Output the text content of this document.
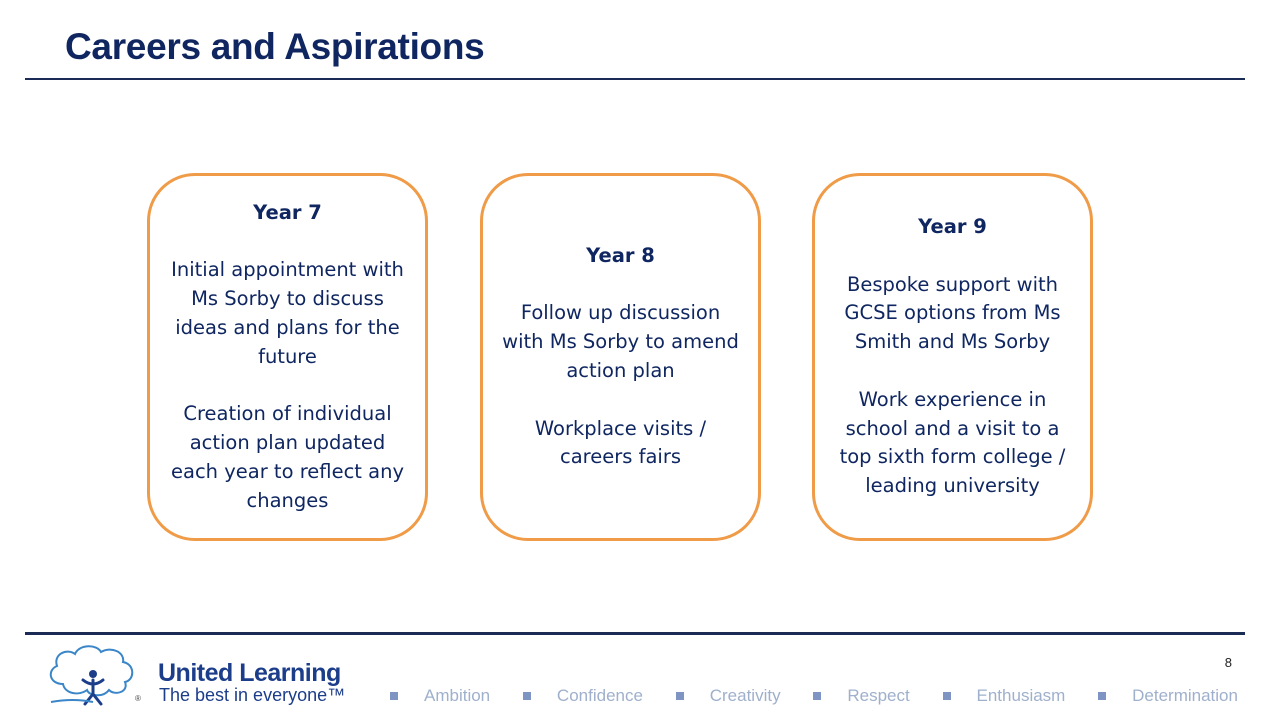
Careers and Aspirations
Year 7
Initial appointment with Ms Sorby to discuss ideas and plans for the future
Creation of individual action plan updated each year to reflect any changes
Year 8
Follow up discussion with Ms Sorby to amend action plan
Workplace visits / careers fairs
Year 9
Bespoke support with GCSE options from Ms Smith and Ms Sorby
Work experience in school and a visit to a top sixth form college / leading university
8
®
United Learning
The best in everyone™	Ambition	Confidence	Creativity	Respect	Enthusiasm	Determination
